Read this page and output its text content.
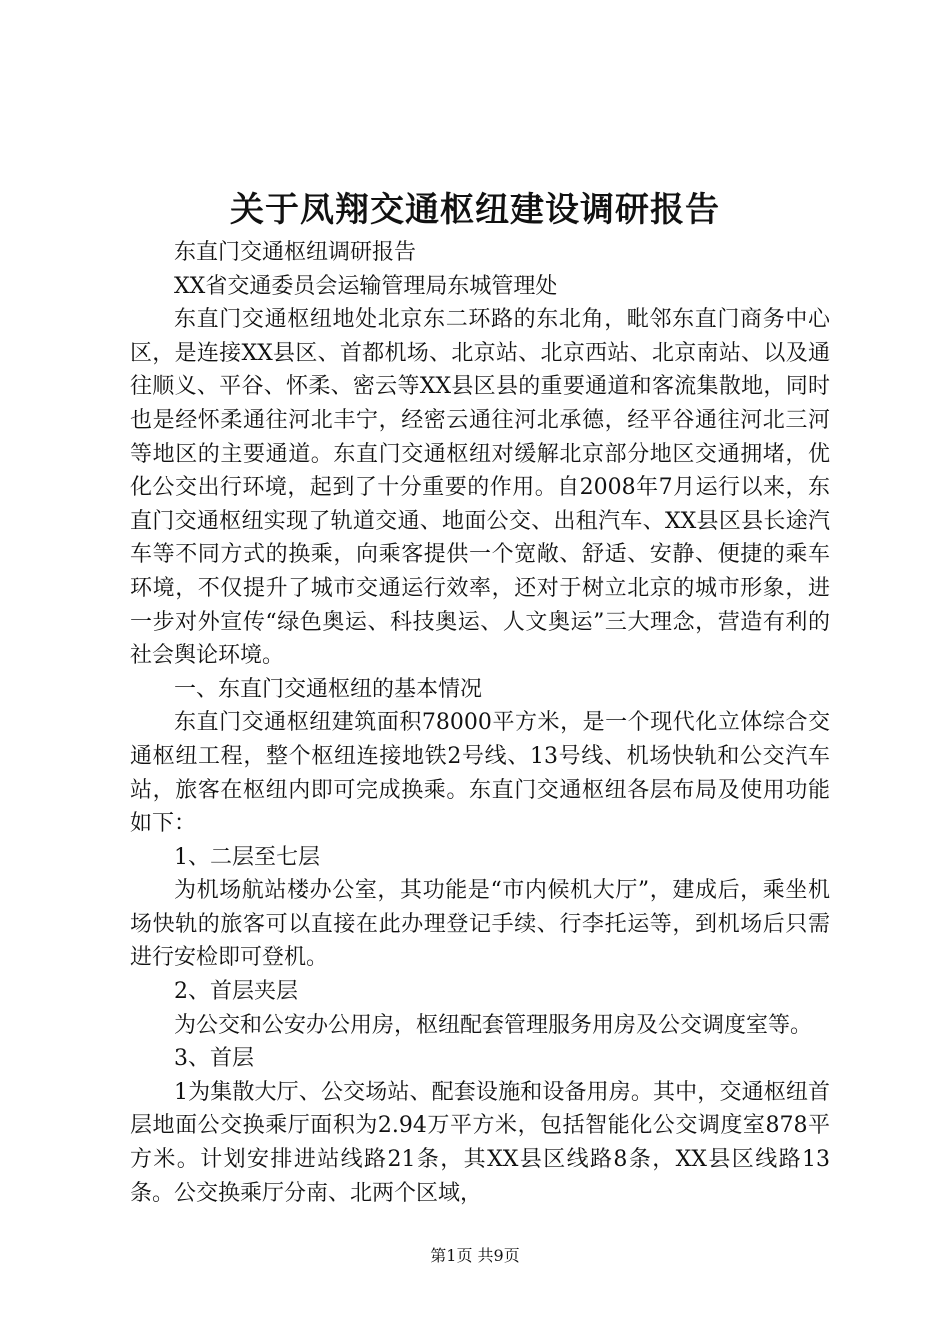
关于凤翔交通枢纽建设调研报告

东直门交通枢纽调研报告

XX省交通委员会运输管理局东城管理处

东直门交通枢纽地处北京东二环路的东北角，毗邻东直门商务中心区，是连接XX县区、首都机场、北京站、北京西站、北京南站、以及通往顺义、平谷、怀柔、密云等XX县区县的重要通道和客流集散地，同时也是经怀柔通往河北丰宁，经密云通往河北承德，经平谷通往河北三河等地区的主要通道。东直门交通枢纽对缓解北京部分地区交通拥堵，优化公交出行环境，起到了十分重要的作用。自2008年7月运行以来，东直门交通枢纽实现了轨道交通、地面公交、出租汽车、XX县区县长途汽车等不同方式的换乘，向乘客提供一个宽敞、舒适、安静、便捷的乘车环境，不仅提升了城市交通运行效率，还对于树立北京的城市形象，进一步对外宣传“绿色奥运、科技奥运、人文奥运”三大理念，营造有利的社会舆论环境。

一、东直门交通枢纽的基本情况

东直门交通枢纽建筑面积78000平方米，是一个现代化立体综合交通枢纽工程，整个枢纽连接地铁2号线、13号线、机场快轨和公交汽车站，旅客在枢纽内即可完成换乘。东直门交通枢纽各层布局及使用功能如下：

1、二层至七层

为机场航站楼办公室，其功能是“市内候机大厅”，建成后，乘坐机场快轨的旅客可以直接在此办理登记手续、行李托运等，到机场后只需进行安检即可登机。

2、首层夹层

为公交和公安办公用房，枢纽配套管理服务用房及公交调度室等。

3、首层

1为集散大厅、公交场站、配套设施和设备用房。其中，交通枢纽首层地面公交换乘厅面积为2.94万平方米，包括智能化公交调度室878平方米。计划安排进站线路21条，其XX县区线路8条，XX县区线路13条。公交换乘厅分南、北两个区域，

第1页 共9页
